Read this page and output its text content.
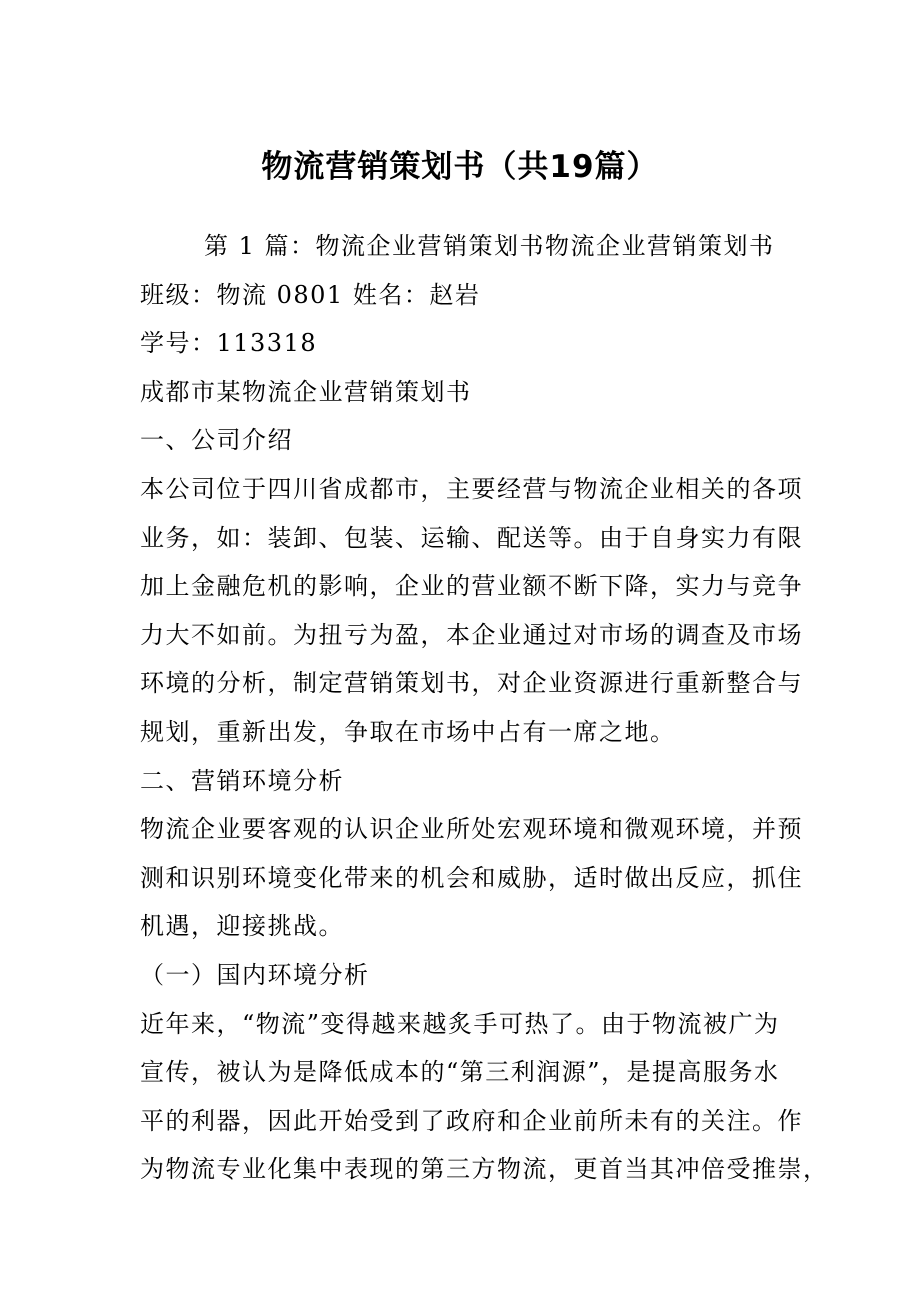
物流营销策划书（共19篇）
第 1 篇：物流企业营销策划书物流企业营销策划书
班级：物流 0801 姓名：赵岩
学号：113318
成都市某物流企业营销策划书
一、公司介绍
本公司位于四川省成都市，主要经营与物流企业相关的各项
业务，如：装卸、包装、运输、配送等。由于自身实力有限
加上金融危机的影响，企业的营业额不断下降，实力与竞争
力大不如前。为扭亏为盈，本企业通过对市场的调查及市场
环境的分析，制定营销策划书，对企业资源进行重新整合与
规划，重新出发，争取在市场中占有一席之地。
二、营销环境分析
物流企业要客观的认识企业所处宏观环境和微观环境，并预
测和识别环境变化带来的机会和威胁，适时做出反应，抓住
机遇，迎接挑战。
（一）国内环境分析
近年来，“物流”变得越来越炙手可热了。由于物流被广为
宣传，被认为是降低成本的“第三利润源”，是提高服务水
平的利器，因此开始受到了政府和企业前所未有的关注。作
为物流专业化集中表现的第三方物流，更首当其冲倍受推崇，
